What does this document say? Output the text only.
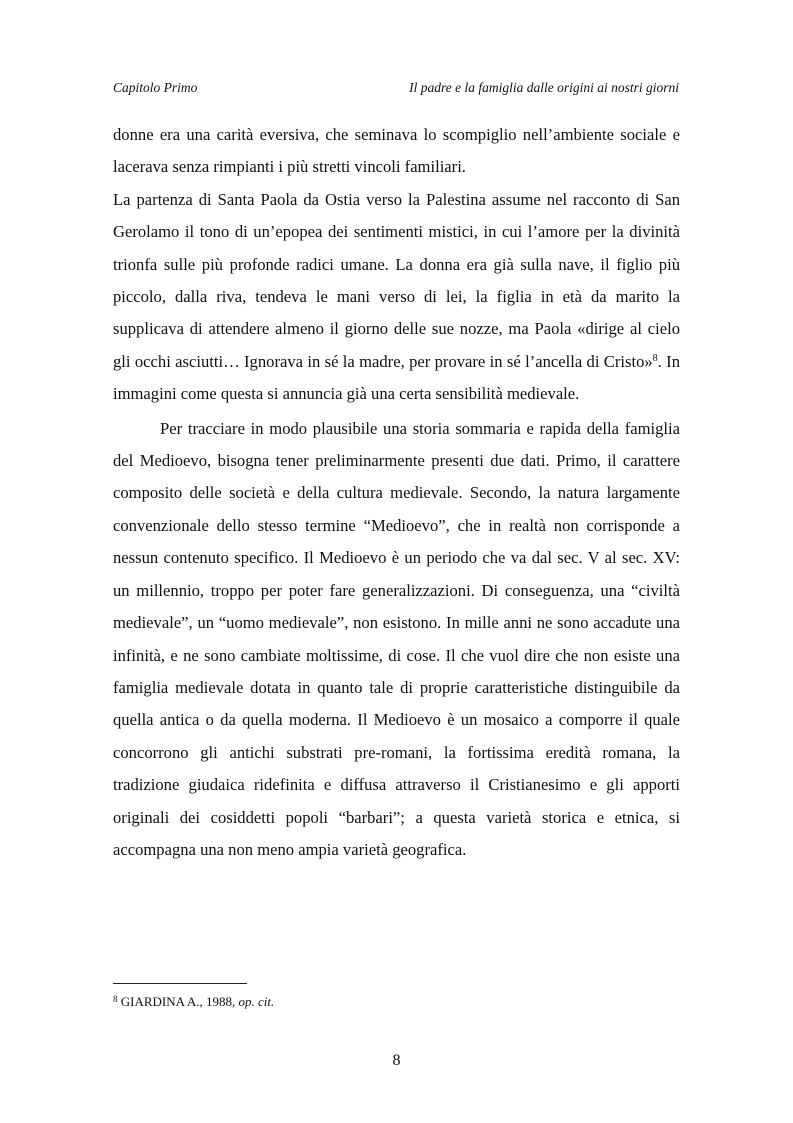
Capitolo Primo	Il padre e la famiglia dalle origini ai nostri giorni

donne era una carità eversiva, che seminava lo scompiglio nell’ambiente sociale e lacerava senza rimpianti i più stretti vincoli familiari.

La partenza di Santa Paola da Ostia verso la Palestina assume nel racconto di San Gerolamo il tono di un’epopea dei sentimenti mistici, in cui l’amore per la divinità trionfa sulle più profonde radici umane. La donna era già sulla nave, il figlio più piccolo, dalla riva, tendeva le mani verso di lei, la figlia in età da marito la supplicava di attendere almeno il giorno delle sue nozze, ma Paola «dirige al cielo gli occhi asciutti… Ignorava in sé la madre, per provare in sé l’ancella di Cristo»$^8$. In immagini come questa si annuncia già una certa sensibilità medievale.

Per tracciare in modo plausibile una storia sommaria e rapida della famiglia del Medioevo, bisogna tener preliminarmente presenti due dati. Primo, il carattere composito delle società e della cultura medievale. Secondo, la natura largamente convenzionale dello stesso termine “Medioevo”, che in realtà non corrisponde a nessun contenuto specifico. Il Medioevo è un periodo che va dal sec. V al sec. XV: un millennio, troppo per poter fare generalizzazioni. Di conseguenza, una “civiltà medievale”, un “uomo medievale”, non esistono. In mille anni ne sono accadute una infinità, e ne sono cambiate moltissime, di cose. Il che vuol dire che non esiste una famiglia medievale dotata in quanto tale di proprie caratteristiche distinguibile da quella antica o da quella moderna. Il Medioevo è un mosaico a comporre il quale concorrono gli antichi substrati pre-romani, la fortissima eredità romana, la tradizione giudaica ridefinita e diffusa attraverso il Cristianesimo e gli apporti originali dei cosiddetti popoli “barbari”; a questa varietà storica e etnica, si accompagna una non meno ampia varietà geografica.

$^8$ GIARDINA A., 1988, op. cit.
8
